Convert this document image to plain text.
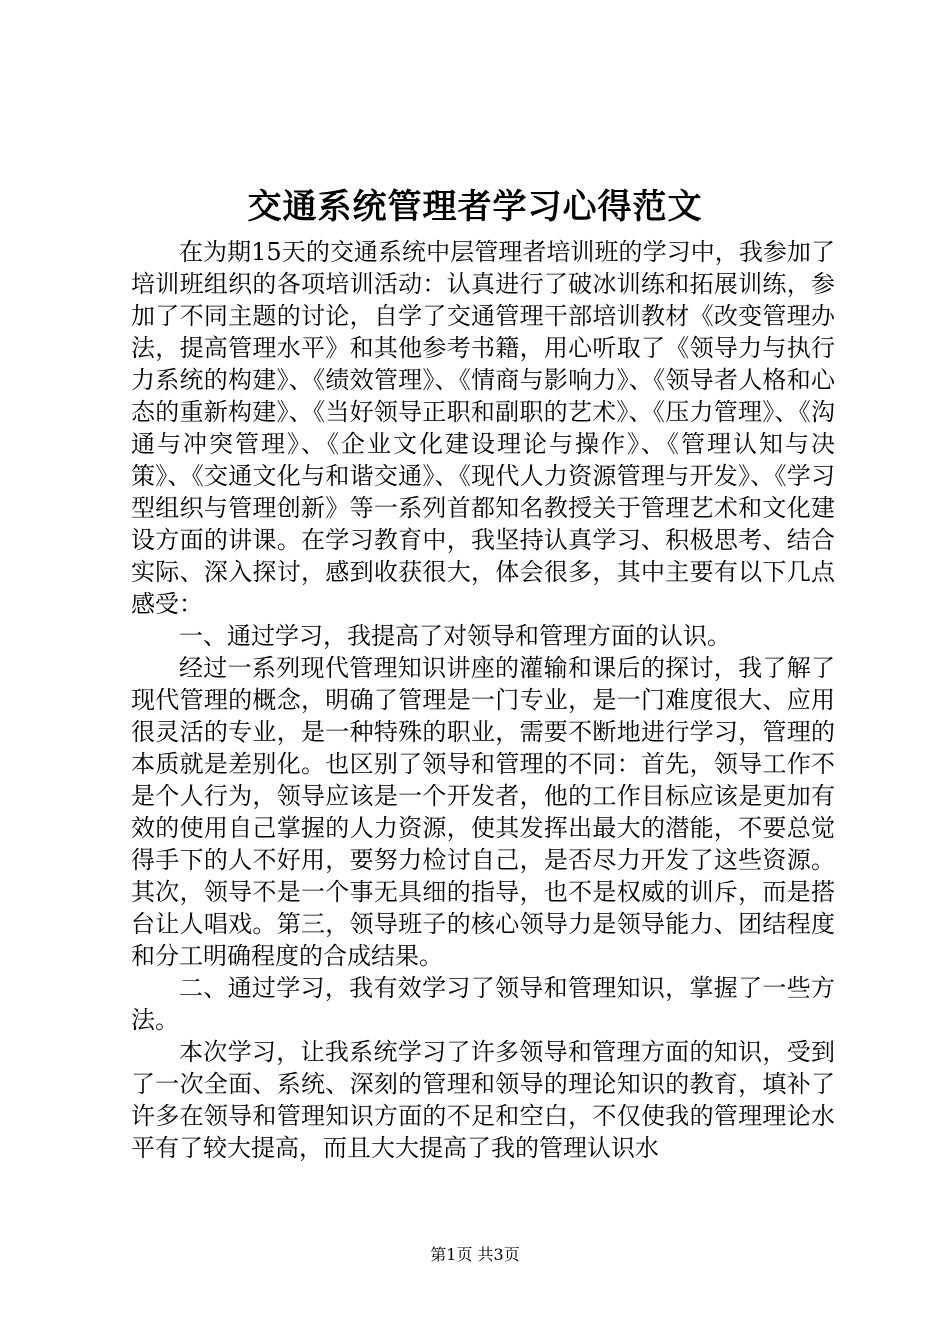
交通系统管理者学习心得范文

在为期15天的交通系统中层管理者培训班的学习中，我参加了培训班组织的各项培训活动：认真进行了破冰训练和拓展训练，参加了不同主题的讨论，自学了交通管理干部培训教材《改变管理办法，提高管理水平》和其他参考书籍，用心听取了《领导力与执行力系统的构建》、《绩效管理》、《情商与影响力》、《领导者人格和心态的重新构建》、《当好领导正职和副职的艺术》、《压力管理》、《沟通与冲突管理》、《企业文化建设理论与操作》、《管理认知与决策》、《交通文化与和谐交通》、《现代人力资源管理与开发》、《学习型组织与管理创新》等一系列首都知名教授关于管理艺术和文化建设方面的讲课。在学习教育中，我坚持认真学习、积极思考、结合实际、深入探讨，感到收获很大，体会很多，其中主要有以下几点感受：

一、通过学习，我提高了对领导和管理方面的认识。

经过一系列现代管理知识讲座的灌输和课后的探讨，我了解了现代管理的概念，明确了管理是一门专业，是一门难度很大、应用很灵活的专业，是一种特殊的职业，需要不断地进行学习，管理的本质就是差别化。也区别了领导和管理的不同：首先，领导工作不是个人行为，领导应该是一个开发者，他的工作目标应该是更加有效的使用自己掌握的人力资源，使其发挥出最大的潜能，不要总觉得手下的人不好用，要努力检讨自己，是否尽力开发了这些资源。其次，领导不是一个事无具细的指导，也不是权威的训斥，而是搭台让人唱戏。第三，领导班子的核心领导力是领导能力、团结程度和分工明确程度的合成结果。

二、通过学习，我有效学习了领导和管理知识，掌握了一些方法。

本次学习，让我系统学习了许多领导和管理方面的知识，受到了一次全面、系统、深刻的管理和领导的理论知识的教育，填补了许多在领导和管理知识方面的不足和空白，不仅使我的管理理论水平有了较大提高，而且大大提高了我的管理认识水

第1页 共3页
